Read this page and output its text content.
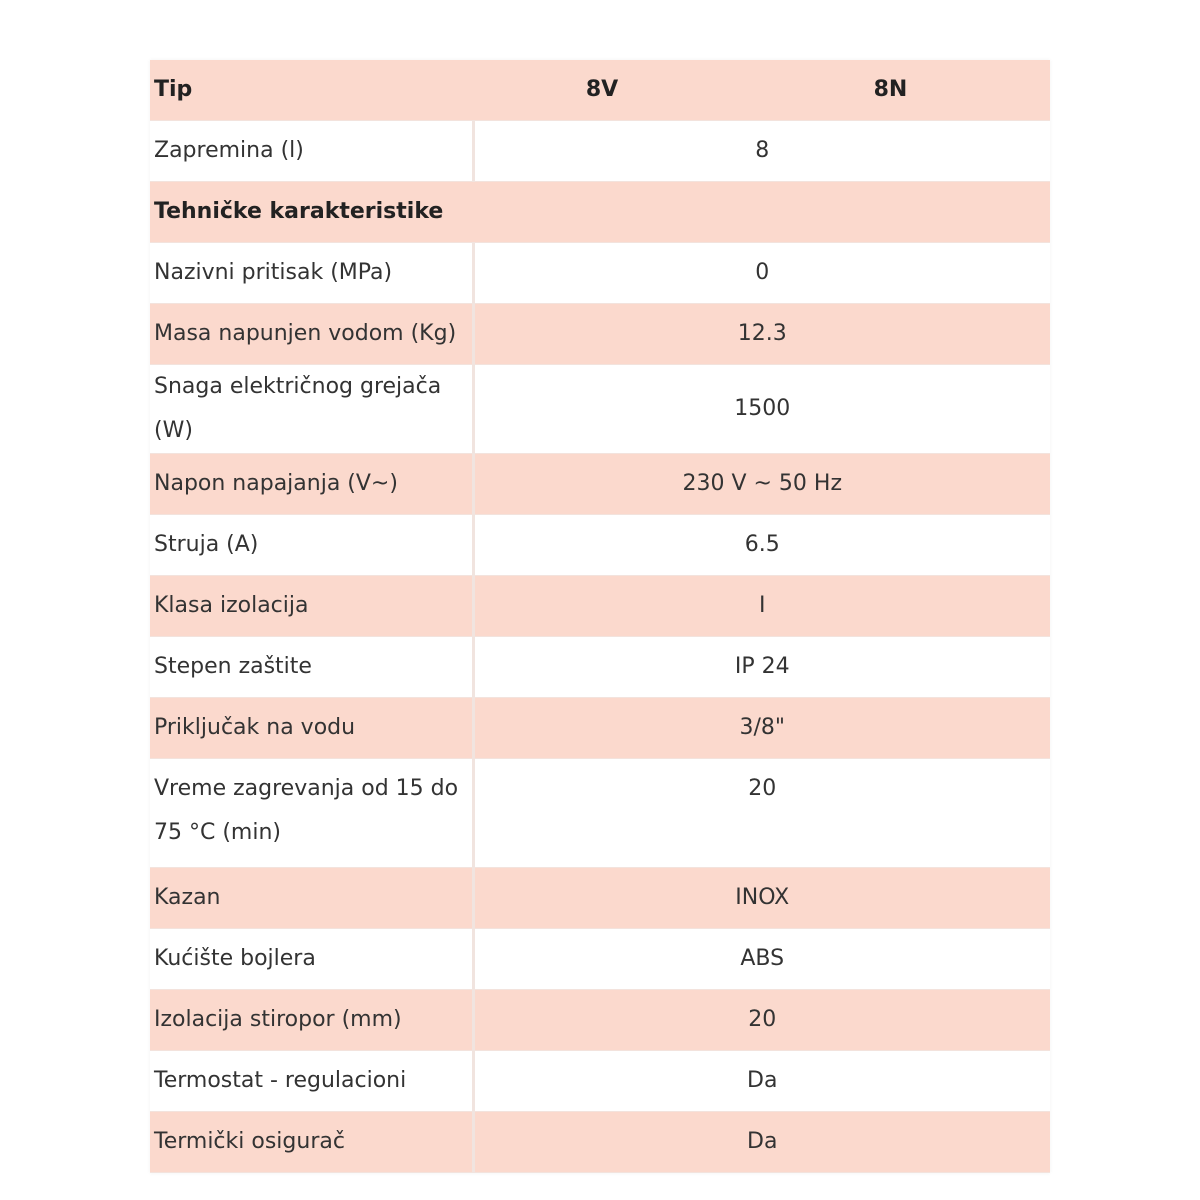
Tip	8V	8N
Zapremina (l)	8	
Tehničke karakteristike		
Nazivni pritisak (MPa)	0	
Masa napunjen vodom (Kg)	12.3	
Snaga električnog grejača (W)	1500	
Napon napajanja (V~)	230 V ~ 50 Hz	
Struja (A)	6.5	
Klasa izolacija	I	
Stepen zaštite	IP 24	
Priključak na vodu	3/8"	
Vreme zagrevanja od 15 do 75 °C (min)	20	
Kazan	INOX	
Kućište bojlera	ABS	
Izolacija stiropor (mm)	20	
Termostat - regulacioni	Da	
Termički osigurač	Da	
